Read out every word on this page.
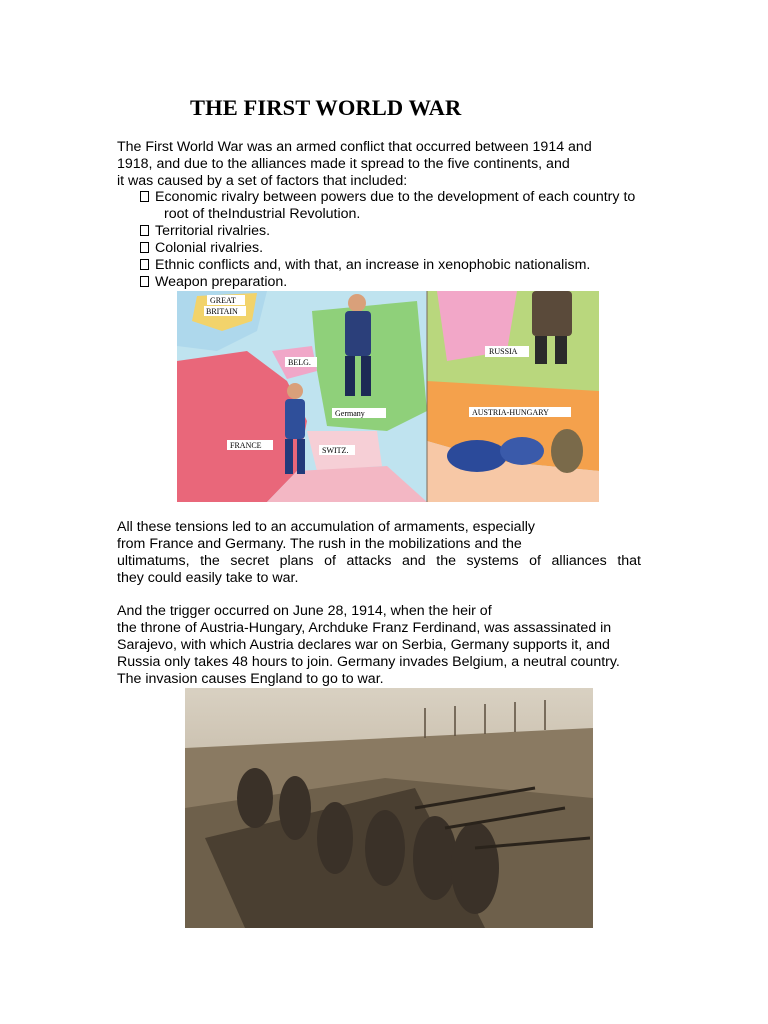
THE FIRST WORLD WAR
The First World War was an armed conflict that occurred between 1914 and
1918, and due to the alliances made it spread to the five continents, and
it was caused by a set of factors that included:
Economic rivalry between powers due to the development of each country to
root of theIndustrial Revolution.
Territorial rivalries.
Colonial rivalries.
Ethnic conflicts and, with that, an increase in xenophobic nationalism.
Weapon preparation.
GREAT
BRITAIN
BELG.
Germany
FRANCE
SWITZ.
RUSSIA
AUSTRIA-HUNGARY
All these tensions led to an accumulation of armaments, especially
from France and Germany. The rush in the mobilizations and the
ultimatums, the secret plans of attacks and the systems of alliances that
they could easily take to war.
And the trigger occurred on June 28, 1914, when the heir of
the throne of Austria-Hungary, Archduke Franz Ferdinand, was assassinated in
Sarajevo, with which Austria declares war on Serbia, Germany supports it, and
Russia only takes 48 hours to join. Germany invades Belgium, a neutral country.
The invasion causes England to go to war.
